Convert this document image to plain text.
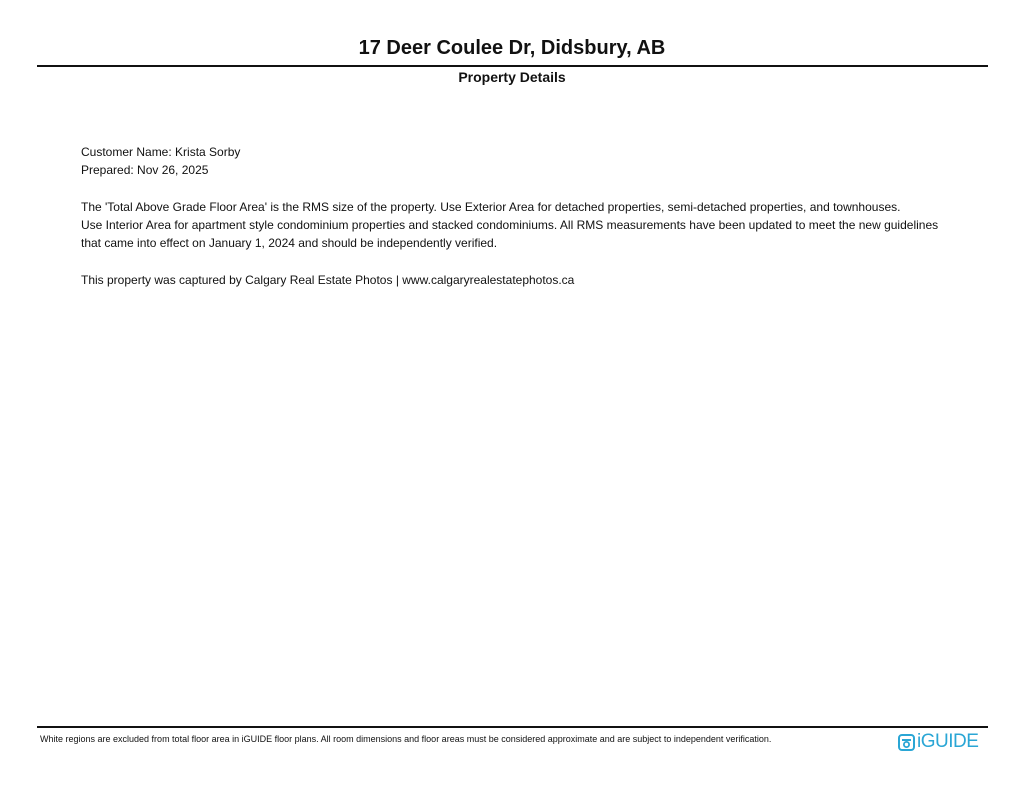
17 Deer Coulee Dr, Didsbury, AB
Property Details
Customer Name: Krista Sorby
Prepared: Nov 26, 2025
The 'Total Above Grade Floor Area' is the RMS size of the property. Use Exterior Area for detached properties, semi-detached properties, and townhouses.
Use Interior Area for apartment style condominium properties and stacked condominiums. All RMS measurements have been updated to meet the new guidelines
that came into effect on January 1, 2024 and should be independently verified.
This property was captured by Calgary Real Estate Photos | www.calgaryrealestatephotos.ca
White regions are excluded from total floor area in iGUIDE floor plans. All room dimensions and floor areas must be considered approximate and are subject to independent verification.	iGUIDE
